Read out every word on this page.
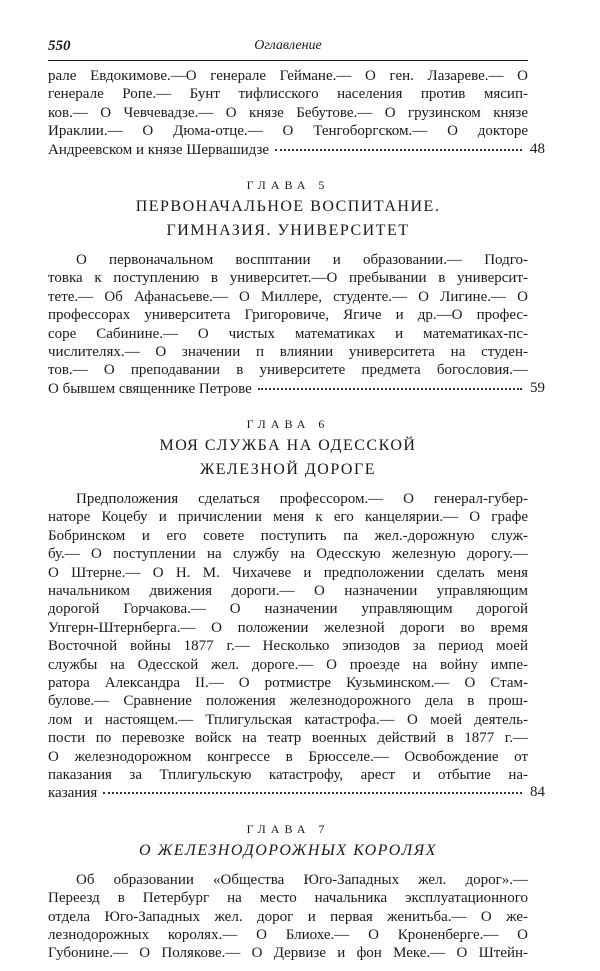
550	Оглавление
рале Евдокимове.—О генерале Геймане.— О ген. Лазареве.— О
генерале Ропе.— Бунт тифлисского населения против мясип-
ков.— О Чевчевадзе.— О князе Бебутове.— О грузинском князе
Ираклии.— О Дюма-отце.— О Тенгоборгском.— О докторе
Андреевском и князе Шервашидзе	48
ГЛАВА 5
ПЕРВОНАЧАЛЬНОЕ ВОСПИТАНИЕ.
ГИМНАЗИЯ. УНИВЕРСИТЕТ
О первоначальном воспптании и образовании.— Подго-
товка к поступлению в университет.—О пребывании в университ-
тете.— Об Афанасьеве.— О Миллере, студенте.— О Лигине.— О
профессорах университета Григоровиче, Ягиче и др.—О профес-
соре Сабинине.— О чистых математиках и математиках-пс-
числителях.— О значении п влиянии университета на студен-
тов.— О преподавании в университете предмета богословия.—
О бывшем священнике Петрове	59
ГЛАВА 6
МОЯ СЛУЖБА НА ОДЕССКОЙ
ЖЕЛЕЗНОЙ ДОРОГЕ
Предположения сделаться профессором.— О генерал-губер-
наторе Коцебу и причислении меня к его канцелярии.— О графе
Бобринском и его совете поступить па жел.-дорожную служ-
бу.— О поступлении на службу на Одесскую железную дорогу.—
О Штерне.— О Н. М. Чихачеве и предположении сделать меня
начальником движения дороги.— О назначении управляющим
дорогой Горчакова.— О назначении управляющим дорогой
Упгерн-Штернберга.— О положении железной дороги во время
Восточной войны 1877 г.— Несколько эпизодов за период моей
службы на Одесской жел. дороге.— О проезде на войну импе-
ратора Александра II.— О ротмистре Кузьминском.— О Стам-
булове.— Сравнение положения железнодорожного дела в прош-
лом и настоящем.— Тплигульская катастрофа.— О моей деятель-
пости по перевозке войск на театр военных действий в 1877 г.—
О железнодорожном конгрессе в Брюсселе.— Освобождение от
паказания за Тплигульскую катастрофу, арест и отбытие на-
казания	84
ГЛАВА 7
О ЖЕЛЕЗНОДОРОЖНЫХ КОРОЛЯХ
Об образовании «Общества Юго-Западных жел. дорог».—
Переезд в Петербург на место начальника эксплуатационного
отдела Юго-Западных жел. дорог и первая женитьба.— О же-
лезнодорожных королях.— О Блиохе.— О Кроненберге.— О
Губонине.— О Полякове.— О Дервизе и фон Меке.— О Штейн-
